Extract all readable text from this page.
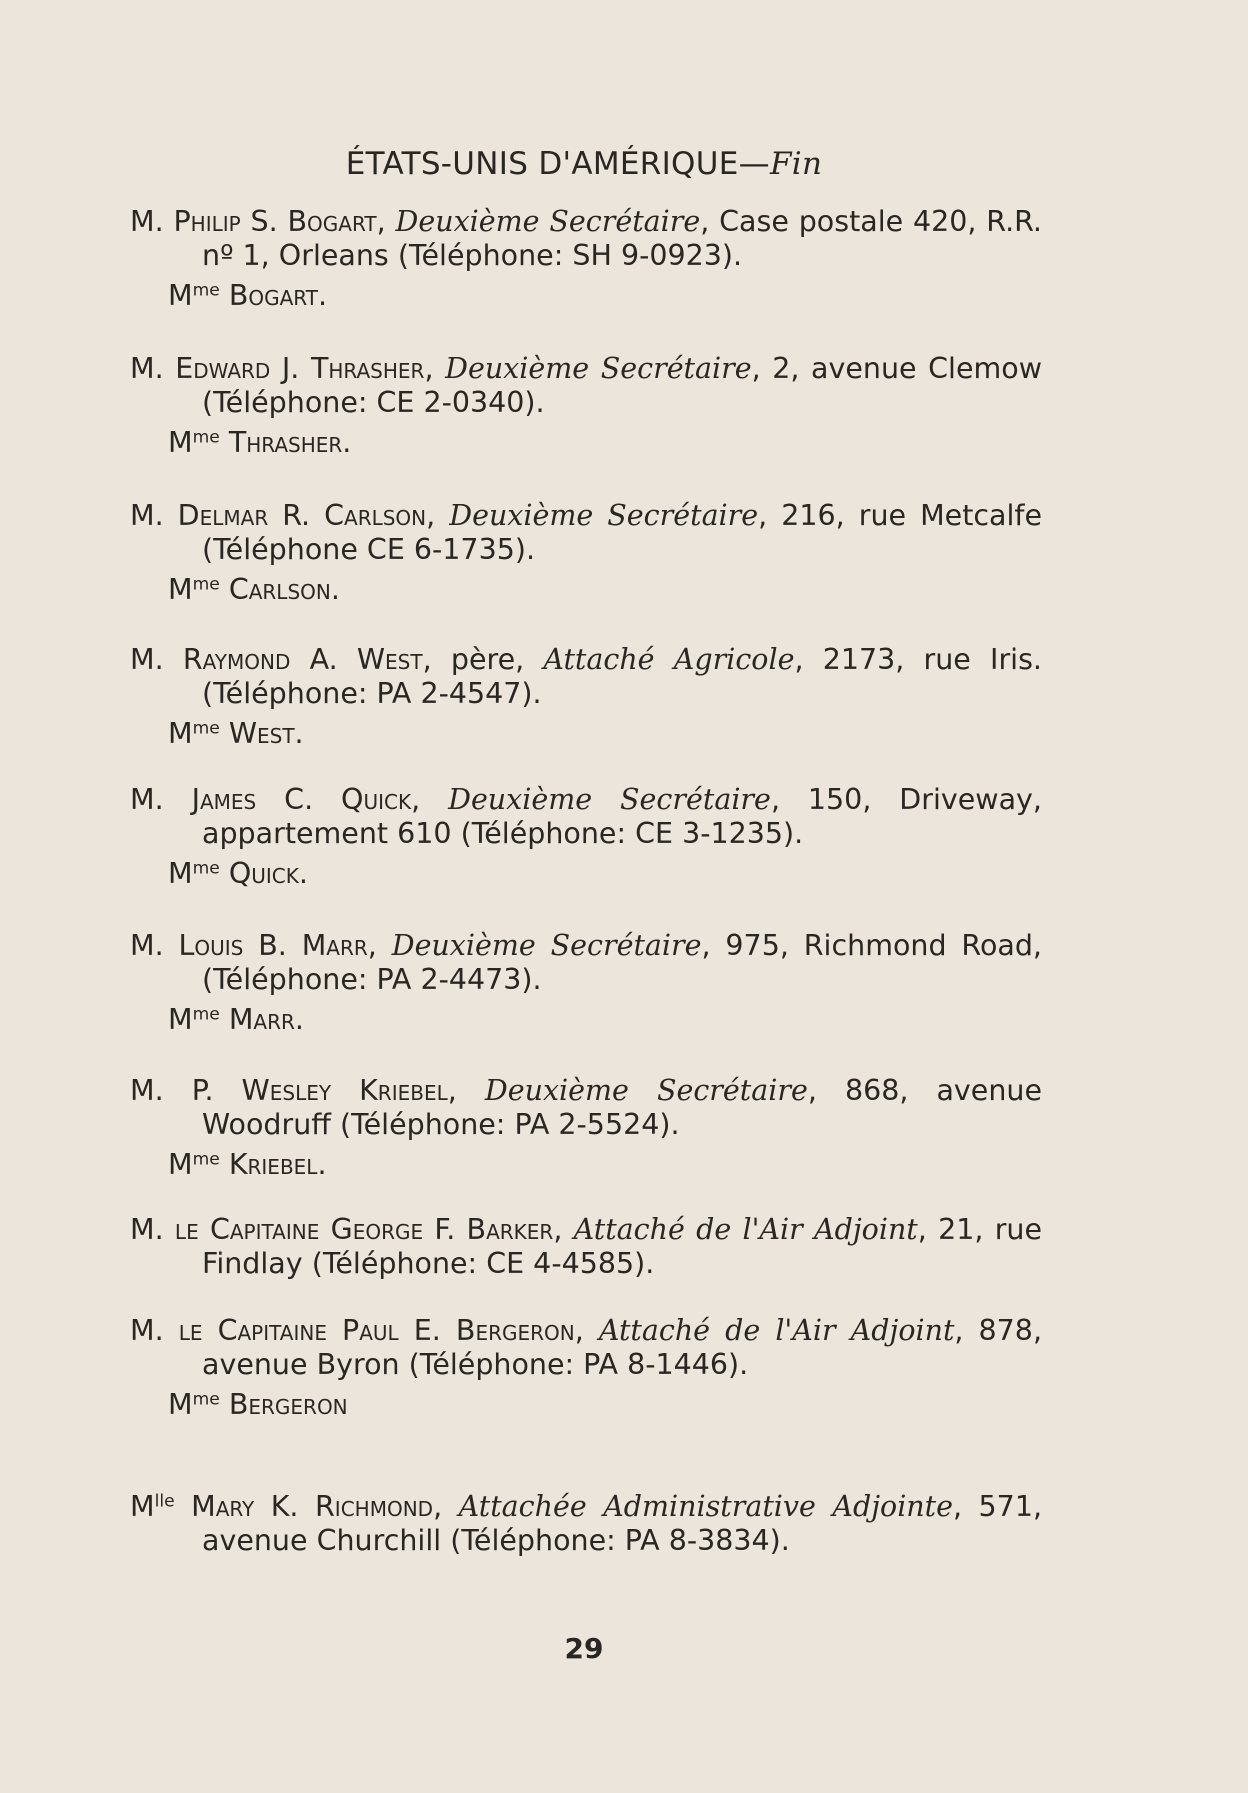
ÉTATS-UNIS D'AMÉRIQUE—Fin

M. Philip S. Bogart, Deuxième Secrétaire, Case postale 420, R.R. nº 1, Orleans (Téléphone: SH 9-0923).

$M^{me}$ Bogart.

M. Edward J. Thrasher, Deuxième Secrétaire, 2, avenue Clemow (Téléphone: CE 2-0340).

$M^{me}$ Thrasher.

M. Delmar R. Carlson, Deuxième Secrétaire, 216, rue Metcalfe (Téléphone CE 6-1735).

$M^{me}$ Carlson.

M. Raymond A. West, père, Attaché Agricole, 2173, rue Iris. (Téléphone: PA 2-4547).

$M^{me}$ West.

M. James C. Quick, Deuxième Secrétaire, 150, Driveway, appartement 610 (Téléphone: CE 3-1235).

$M^{me}$ Quick.

M. Louis B. Marr, Deuxième Secrétaire, 975, Richmond Road, (Téléphone: PA 2-4473).

$M^{me}$ Marr.

M. P. Wesley Kriebel, Deuxième Secrétaire, 868, avenue Woodruff (Téléphone: PA 2-5524).

$M^{me}$ Kriebel.

M. le Capitaine George F. Barker, Attaché de l'Air Adjoint, 21, rue Findlay (Téléphone: CE 4-4585).

M. le Capitaine Paul E. Bergeron, Attaché de l'Air Adjoint, 878, avenue Byron (Téléphone: PA 8-1446).

$M^{me}$ Bergeron

$M^{lle}$ Mary K. Richmond, Attachée Administrative Adjointe, 571, avenue Churchill (Téléphone: PA 8-3834).

29
